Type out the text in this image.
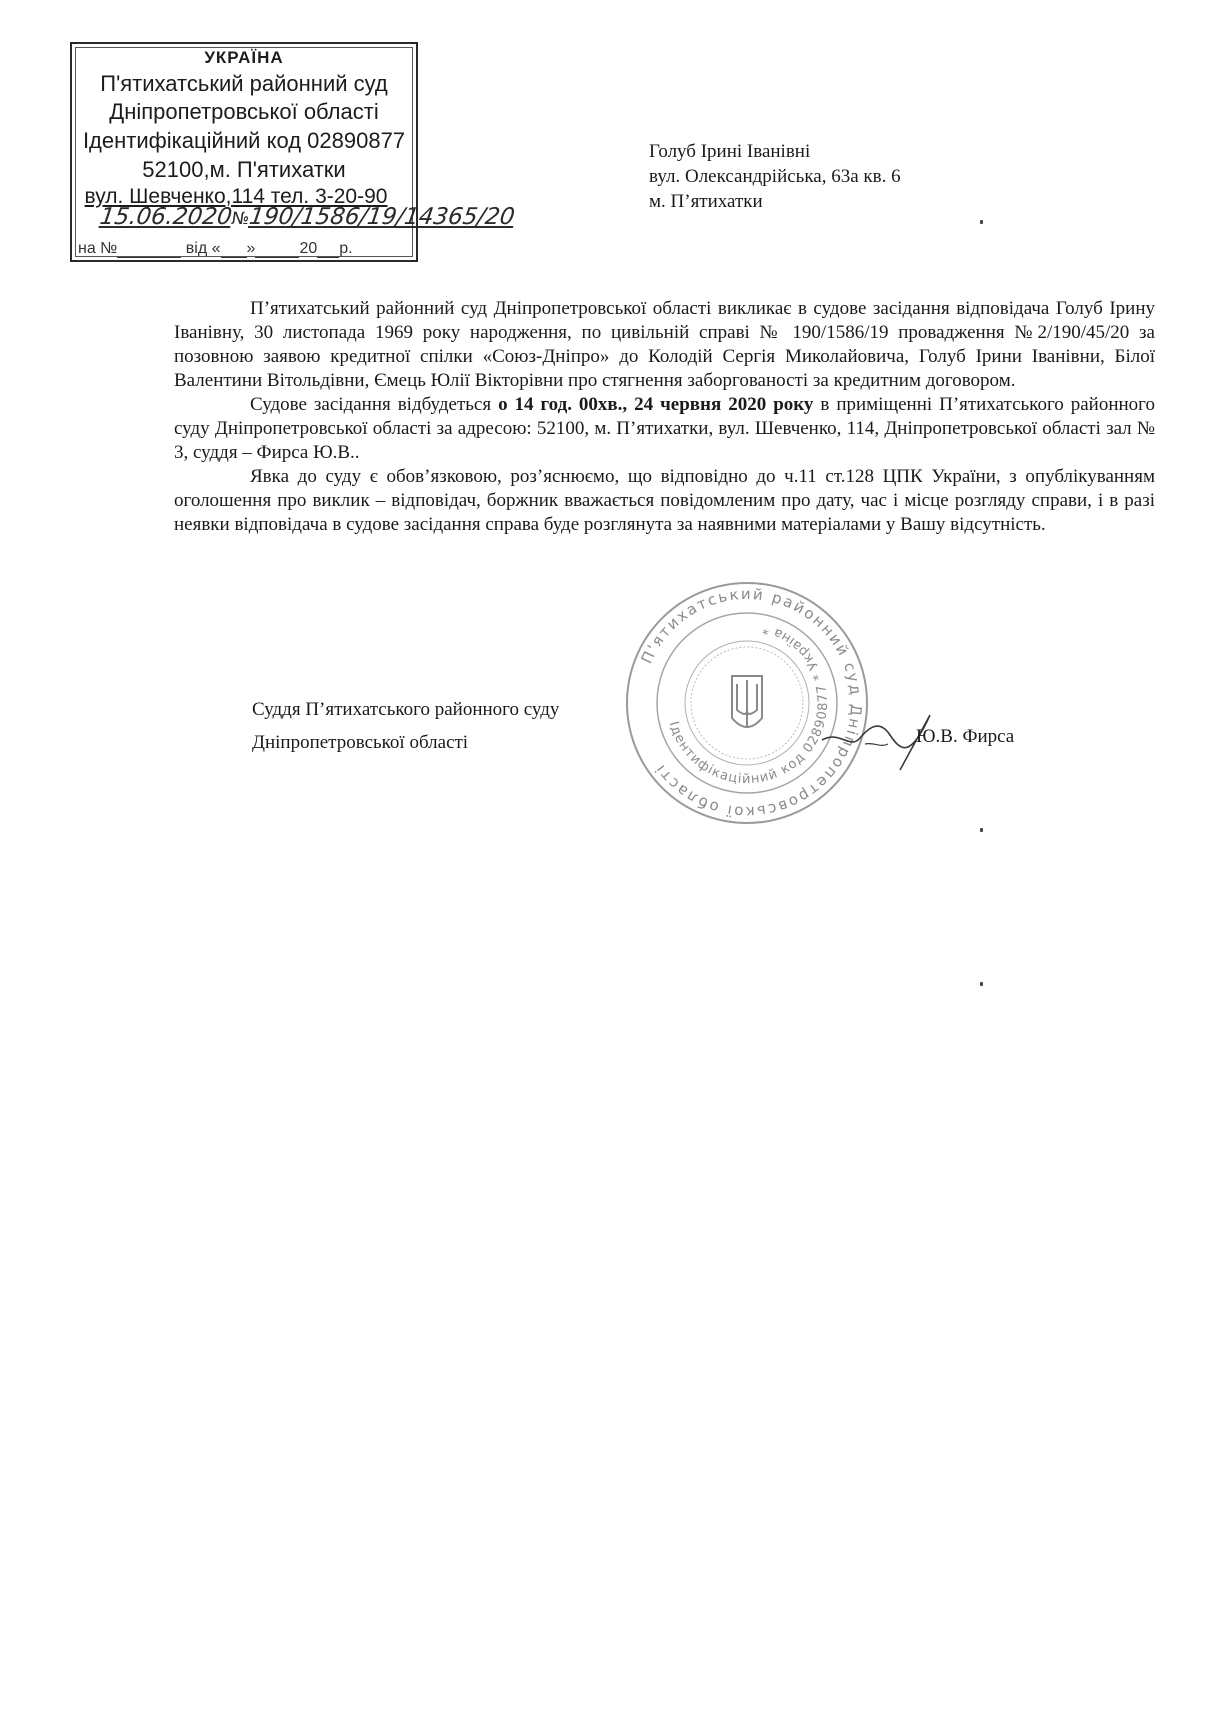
УКРАЇНА
П'ятихатський районний суд
Дніпропетровської області
Ідентифікаційний код 02890877
52100,м. П'ятихатки
вул. Шевченко,114 тел. 3-20-90
на №	від « »	20 р.
15.06.2020№190/1586/19/14365/20
Голуб Ірині Іванівні
вул. Олександрійська, 63а кв. 6
м. П’ятихатки

П’ятихатський районний суд Дніпропетровської області викликає в судове засідання відповідача Голуб Ірину Іванівну, 30 листопада 1969 року народження, по цивільній справі № 190/1586/19 провадження №2/190/45/20 за позовною заявою кредитної спілки «Союз-Дніпро» до Колодій Сергія Миколайовича, Голуб Ірини Іванівни, Білої Валентини Вітольдівни, Ємець Юлії Вікторівни про стягнення заборгованості за кредитним договором.

Судове засідання відбудеться о 14 год. 00хв., 24 червня 2020 року в приміщенні П’ятихатського районного суду Дніпропетровської області за адресою: 52100, м. П’ятихатки, вул. Шевченко, 114, Дніпропетровської області зал № 3, суддя – Фирса Ю.В..

Явка до суду є обов’язковою, роз’яснюємо, що відповідно до ч.11 ст.128 ЦПК України, з опублікуванням оголошення про виклик – відповідач, боржник вважається повідомленим про дату, час і місце розгляду справи, і в разі неявки відповідача в судове засідання справа буде розглянута за наявними матеріалами у Вашу відсутність.

П'ятихатський районний суд Дніпропетровської області
Ідентифікаційний код 02890877 * Україна *
Суддя П’ятихатського районного суду
Дніпропетровської області	Ю.В. Фирса
